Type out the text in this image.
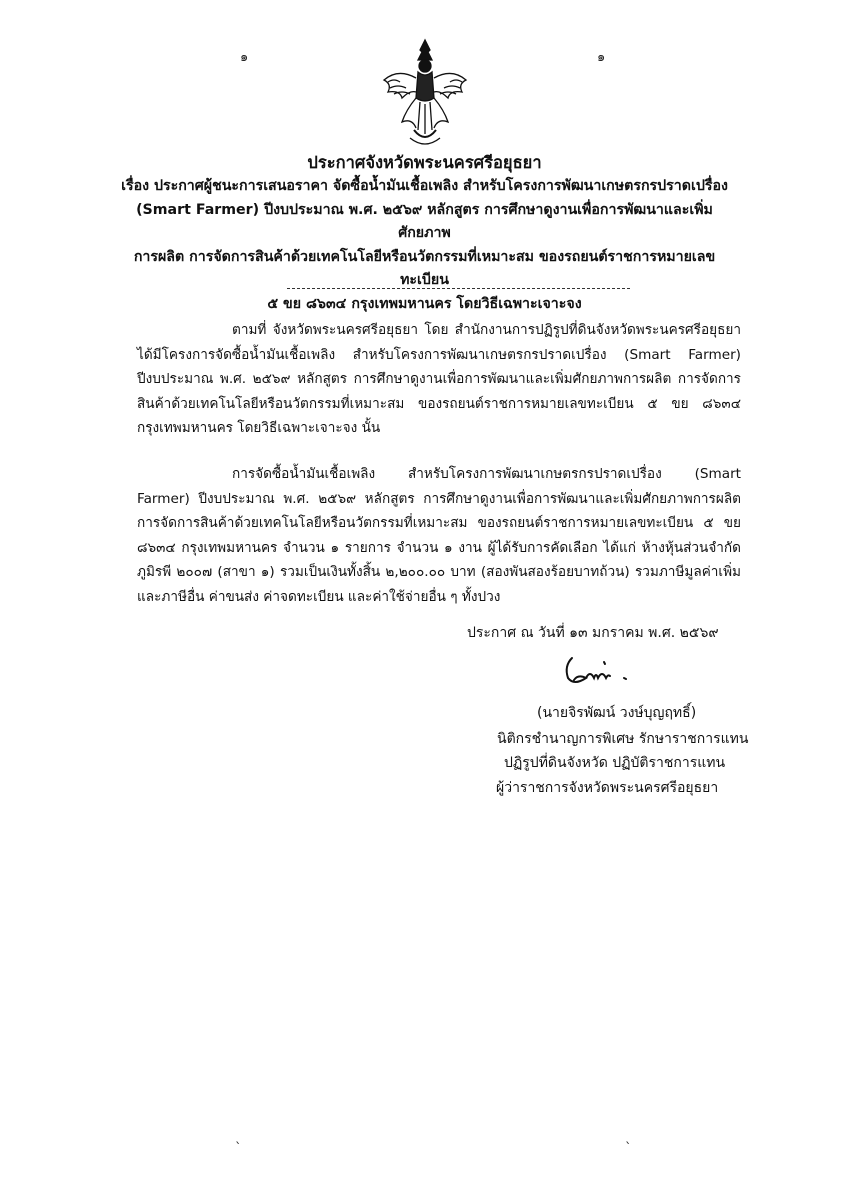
๑	๑
ประกาศจังหวัดพระนครศรีอยุธยา
เรื่อง ประกาศผู้ชนะการเสนอราคา จัดซื้อน้ำมันเชื้อเพลิง สำหรับโครงการพัฒนาเกษตรกรปราดเปรื่อง
(Smart Farmer) ปีงบประมาณ พ.ศ. ๒๕๖๙ หลักสูตร การศึกษาดูงานเพื่อการพัฒนาและเพิ่มศักยภาพ
การผลิต การจัดการสินค้าด้วยเทคโนโลยีหรือนวัตกรรมที่เหมาะสม ของรถยนต์ราชการหมายเลขทะเบียน
๕ ขย ๘๖๓๔ กรุงเทพมหานคร โดยวิธีเฉพาะเจาะจง
ตามที่ จังหวัดพระนครศรีอยุธยา โดย สำนักงานการปฏิรูปที่ดินจังหวัดพระนครศรีอยุธยา ได้มีโครงการจัดซื้อน้ำมันเชื้อเพลิง สำหรับโครงการพัฒนาเกษตรกรปราดเปรื่อง (Smart Farmer) ปีงบประมาณ พ.ศ. ๒๕๖๙ หลักสูตร การศึกษาดูงานเพื่อการพัฒนาและเพิ่มศักยภาพการผลิต การจัดการสินค้าด้วยเทคโนโลยีหรือนวัตกรรมที่เหมาะสม ของรถยนต์ราชการหมายเลขทะเบียน ๕ ขย ๘๖๓๔ กรุงเทพมหานคร โดยวิธีเฉพาะเจาะจง นั้น
การจัดซื้อน้ำมันเชื้อเพลิง สำหรับโครงการพัฒนาเกษตรกรปราดเปรื่อง (Smart Farmer) ปีงบประมาณ พ.ศ. ๒๕๖๙ หลักสูตร การศึกษาดูงานเพื่อการพัฒนาและเพิ่มศักยภาพการผลิต การจัดการสินค้าด้วยเทคโนโลยีหรือนวัตกรรมที่เหมาะสม ของรถยนต์ราชการหมายเลขทะเบียน ๕ ขย ๘๖๓๔ กรุงเทพมหานคร จำนวน ๑ รายการ จำนวน ๑ งาน ผู้ได้รับการคัดเลือก ได้แก่ ห้างหุ้นส่วนจำกัด ภูมิรพี ๒๐๐๗ (สาขา ๑) รวมเป็นเงินทั้งสิ้น ๒,๒๐๐.๐๐ บาท (สองพันสองร้อยบาทถ้วน) รวมภาษีมูลค่าเพิ่มและภาษีอื่น ค่าขนส่ง ค่าจดทะเบียน และค่าใช้จ่ายอื่น ๆ ทั้งปวง
ประกาศ ณ วันที่ ๑๓ มกราคม พ.ศ. ๒๕๖๙
(นายจิรพัฒน์ วงษ์บุญฤทธิ์)
นิติกรชำนาญการพิเศษ รักษาราชการแทน
ปฏิรูปที่ดินจังหวัด ปฏิบัติราชการแทน
ผู้ว่าราชการจังหวัดพระนครศรีอยุธยา
ˎ	ˎ
